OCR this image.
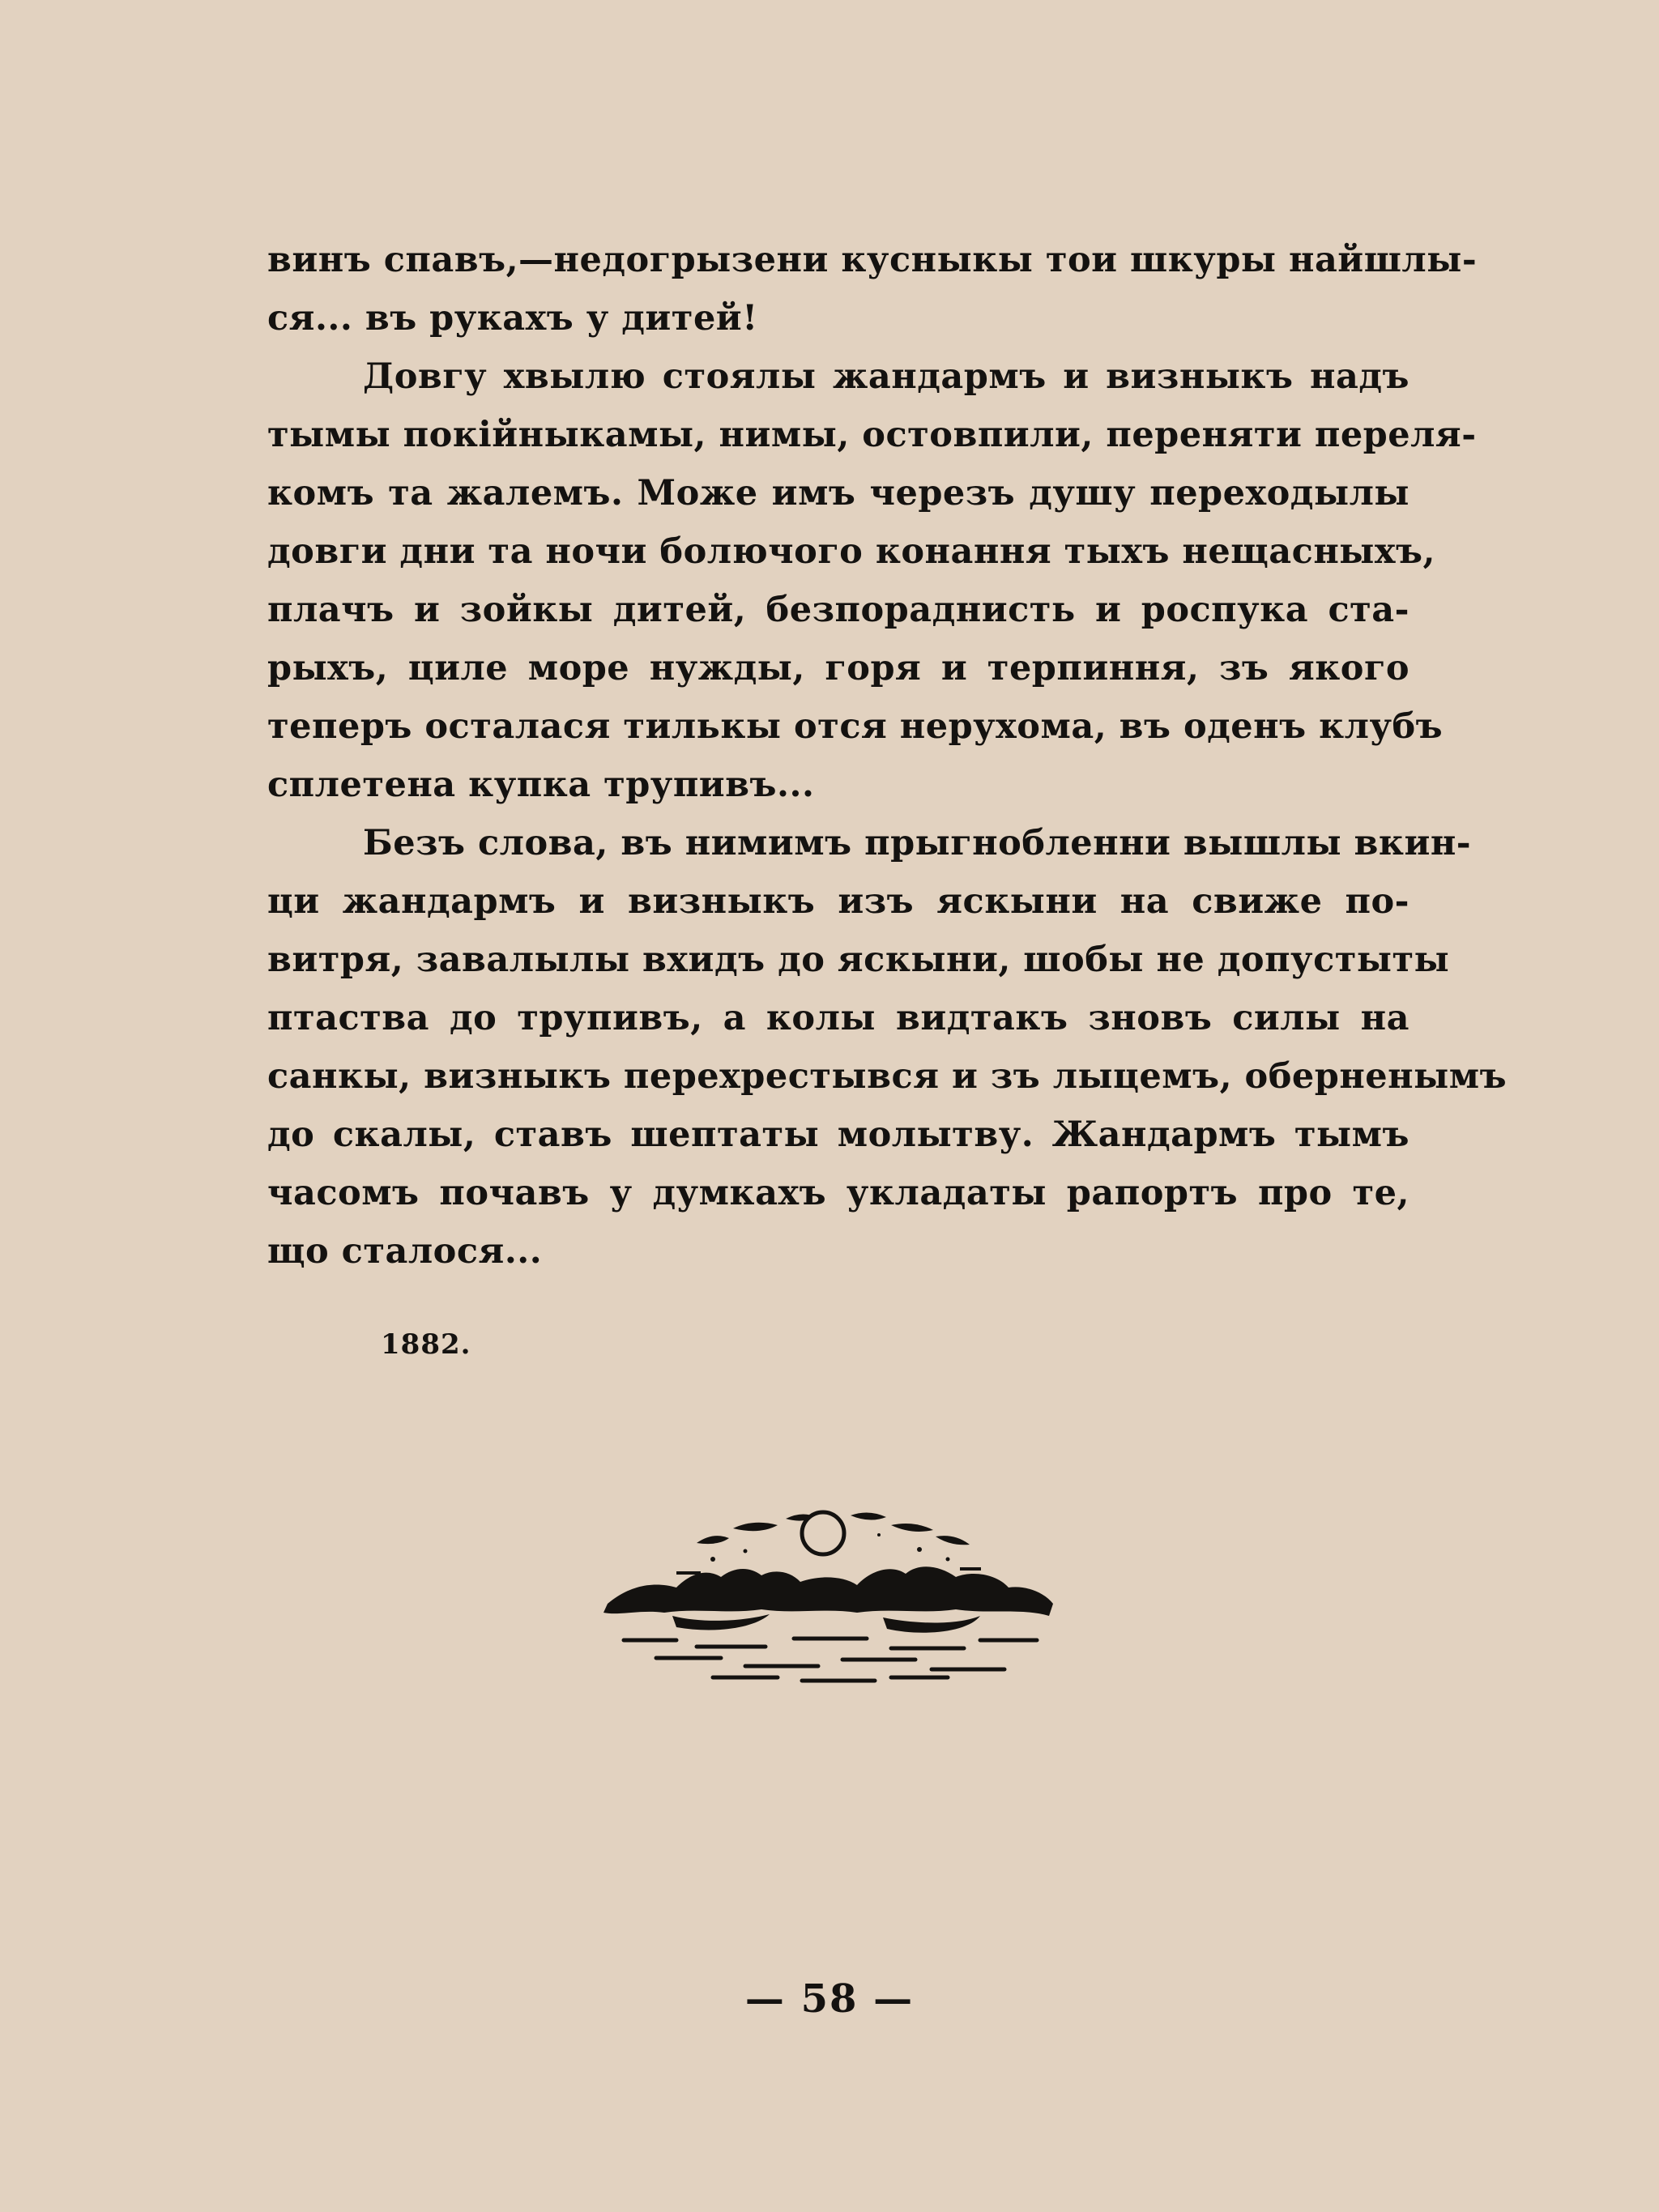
винъ спавъ,—недогрызени кусныкы тои шкуры найшлы-
ся... въ рукахъ у дитей!
Довгу хвылю стоялы жандармъ и визныкъ надъ
тымы покійныкамы, нимы, остовпили, переняти переля-
комъ та жалемъ. Може имъ черезъ душу переходылы
довги дни та ночи болючого конання тыхъ нещасныхъ,
плачъ и зойкы дитей, безпораднисть и роспука ста-
рыхъ, циле море нужды, горя и терпиння, зъ якого
теперъ осталася тилькы отся нерухома, въ оденъ клубъ
сплетена купка трупивъ...
Безъ слова, въ нимимъ прыгнобленни вышлы вкин-
ци жандармъ и визныкъ изъ яскыни на свиже по-
витря, завалылы вхидъ до яскыни, шобы не допустыты
птаства до трупивъ, а колы видтакъ зновъ силы на
санкы, визныкъ перехрестывся и зъ лыцемъ, оберненымъ
до скалы, ставъ шептаты молытву. Жандармъ тымъ
часомъ почавъ у думкахъ укладаты рапортъ про те,
що сталося...
1882.
— 58 —
